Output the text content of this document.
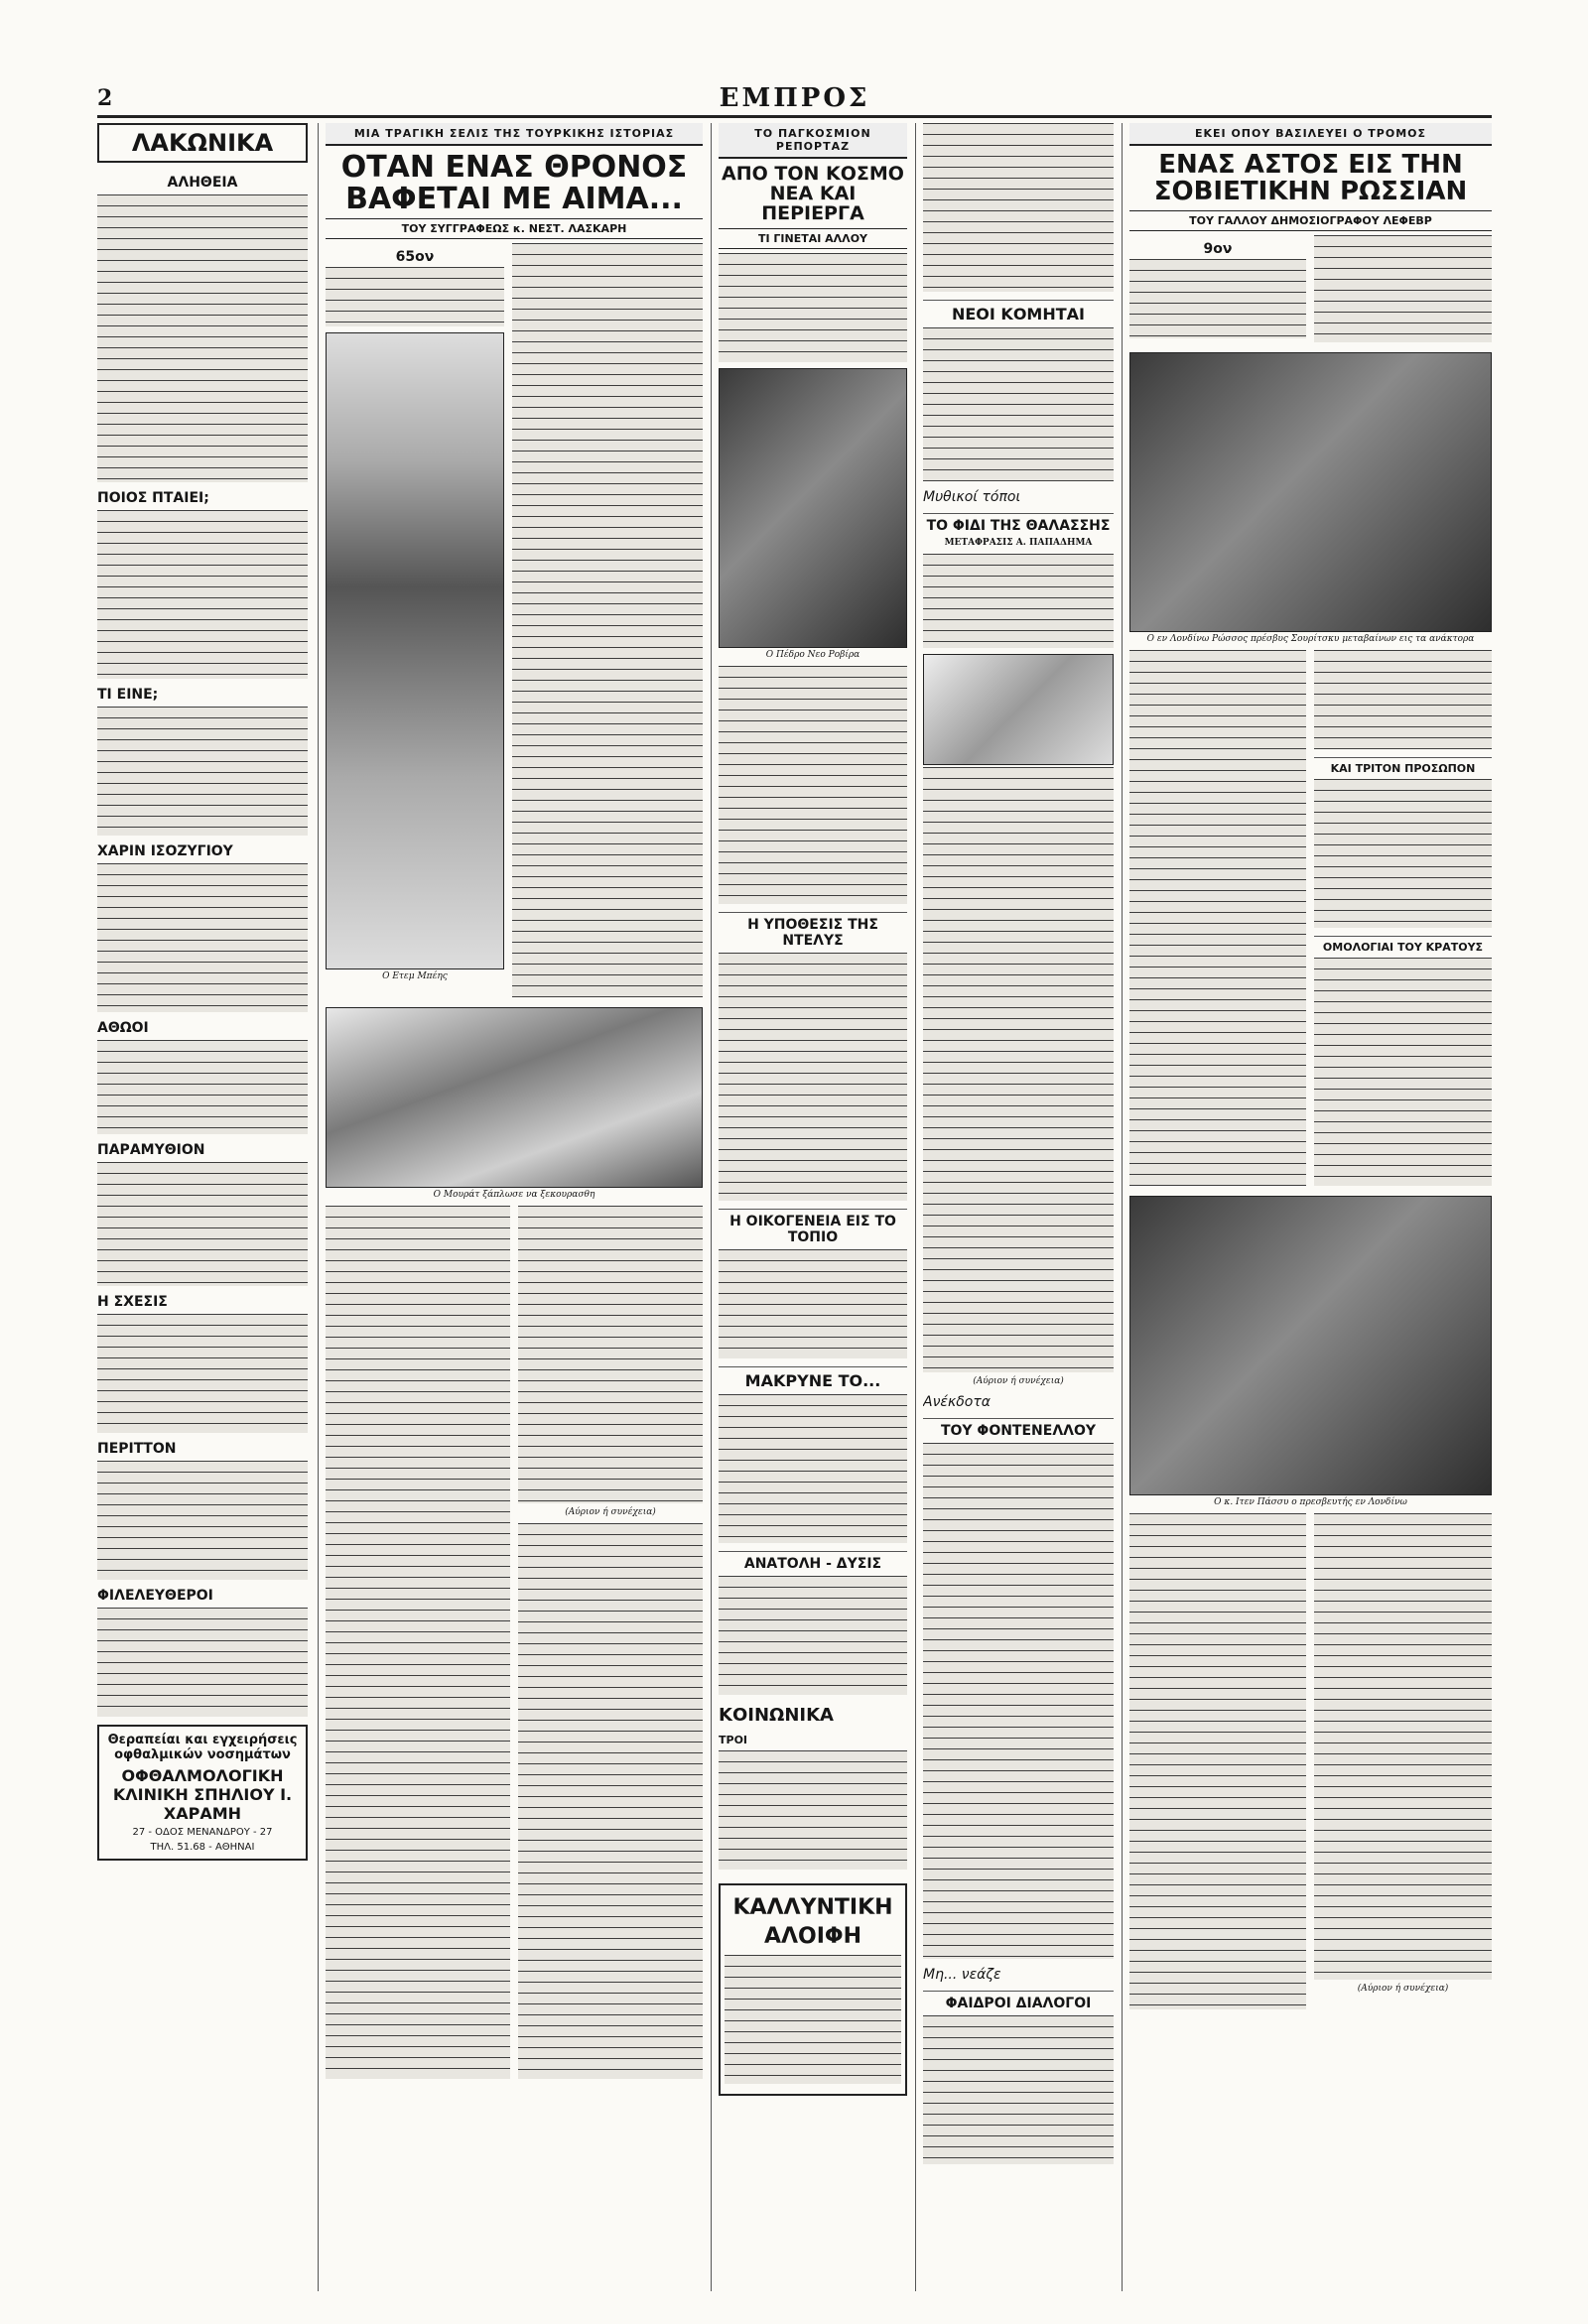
2	ΕΜΠΡΟΣ
ΛΑΚΩΝΙΚΑ
ΑΛΗΘΕΙΑ
ΠΟΙΟΣ ΠΤΑΙΕΙ;
ΤΙ ΕΙΝΕ;
ΧΑΡΙΝ ΙΣΟΖΥΓΙΟΥ
ΑΘΩΟΙ
ΠΑΡΑΜΥΘΙΟΝ
Η ΣΧΕΣΙΣ
ΠΕΡΙΤΤΟΝ
ΦΙΛΕΛΕΥΘΕΡΟΙ
Θεραπείαι και εγχειρήσεις οφθαλμικών νοσημάτων
ΟΦΘΑΛΜΟΛΟΓΙΚΗ ΚΛΙΝΙΚΗ ΣΠΗΛΙΟΥ Ι. ΧΑΡΑΜΗ
27 - ΟΔΟΣ ΜΕΝΑΝΔΡΟΥ - 27
ΤΗΛ. 51.68 - ΑΘΗΝΑΙ
ΜΙΑ ΤΡΑΓΙΚΗ ΣΕΛΙΣ ΤΗΣ ΤΟΥΡΚΙΚΗΣ ΙΣΤΟΡΙΑΣ
ΟΤΑΝ ΕΝΑΣ ΘΡΟΝΟΣ
ΒΑΦΕΤΑΙ ΜΕ ΑΙΜΑ...
ΤΟΥ ΣΥΓΓΡΑΦΕΩΣ κ. ΝΕΣΤ. ΛΑΣΚΑΡΗ
65ον
Ο Ετεμ Μπέης
Ο Μουράτ ξάπλωσε να ξεκουρασθη
(Αύριον ή συνέχεια)
ΤΟ ΠΑΓΚΟΣΜΙΟΝ ΡΕΠΟΡΤΑΖ
ΑΠΟ ΤΟΝ ΚΟΣΜΟ
ΝΕΑ ΚΑΙ ΠΕΡΙΕΡΓΑ
ΤΙ ΓΙΝΕΤΑΙ ΑΛΛΟΥ
Ο Πέδρο Νεο Ροβίρα
Η ΥΠΟΘΕΣΙΣ ΤΗΣ ΝΤΕΛΥΣ
Η ΟΙΚΟΓΕΝΕΙΑ ΕΙΣ ΤΟ ΤΟΠΙΟ
ΜΑΚΡΥΝΕ ΤΟ...
ΑΝΑΤΟΛΗ - ΔΥΣΙΣ
ΚΟΙΝΩΝΙΚΑ
ΤΡΟΙ
ΚΑΛΛΥΝΤΙΚΗ
ΑΛΟΙΦΗ
ΝΕΟΙ ΚΟΜΗΤΑΙ
Μυθικοί τόποι
ΤΟ ΦΙΔΙ ΤΗΣ ΘΑΛΑΣΣΗΣ
ΜΕΤΑΦΡΑΣΙΣ Α. ΠΑΠΑΔΗΜΑ
(Αύριον ή συνέχεια)
Ανέκδοτα
ΤΟΥ ΦΟΝΤΕΝΕΛΛΟΥ
Μη... νεάζε
ΦΑΙΔΡΟΙ ΔΙΑΛΟΓΟΙ
ΕΚΕΙ ΟΠΟΥ ΒΑΣΙΛΕΥΕΙ Ο ΤΡΟΜΟΣ
ΕΝΑΣ ΑΣΤΟΣ ΕΙΣ ΤΗΝ
ΣΟΒΙΕΤΙΚΗΝ ΡΩΣΣΙΑΝ
ΤΟΥ ΓΑΛΛΟΥ ΔΗΜΟΣΙΟΓΡΑΦΟΥ ΛΕΦΕΒΡ
9ον
Ο εν Λονδίνω Ρώσσος πρέσβυς Σουρίτσκυ μεταβαίνων εις τα ανάκτορα
ΚΑΙ ΤΡΙΤΟΝ ΠΡΟΣΩΠΟΝ
ΟΜΟΛΟΓΙΑΙ ΤΟΥ ΚΡΑΤΟΥΣ
Ο κ. Ιτεν Πάσσυ ο πρεσβευτής εν Λονδίνω
(Αύριον ή συνέχεια)
